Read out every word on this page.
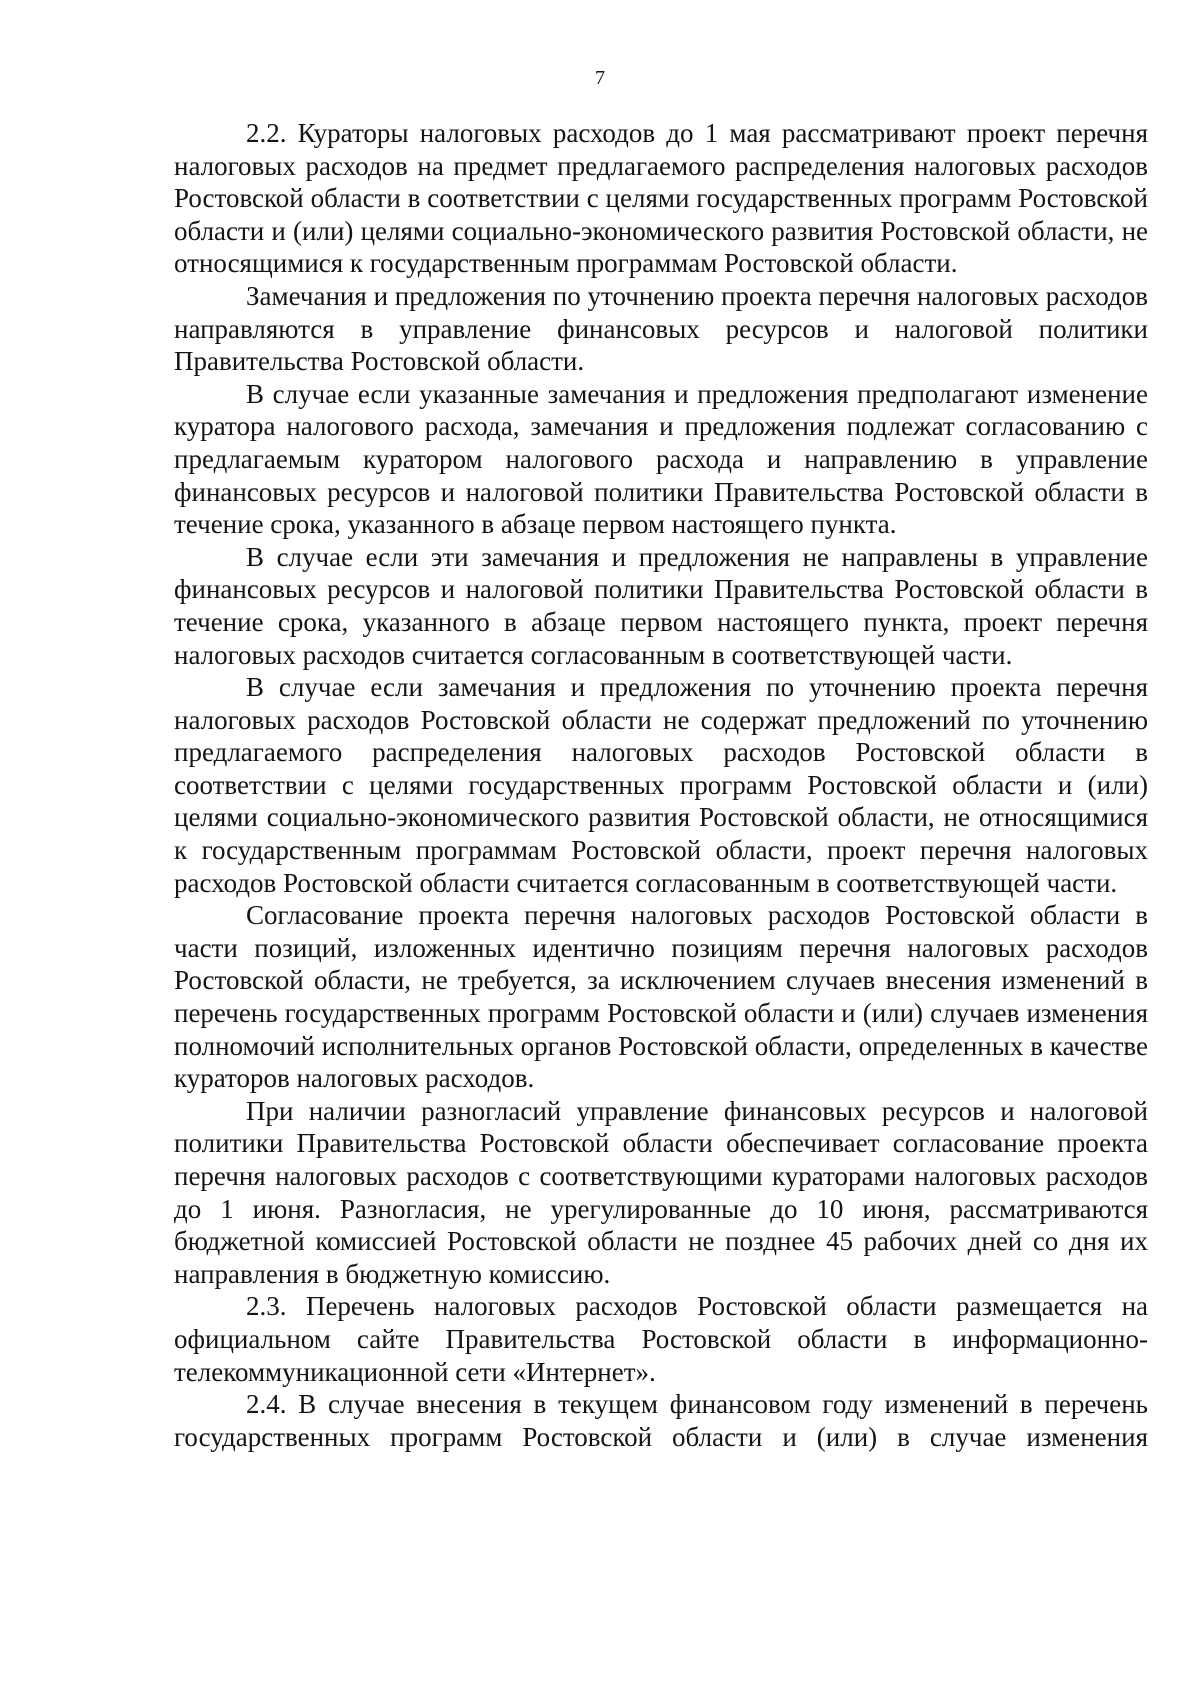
7

2.2. Кураторы налоговых расходов до 1 мая рассматривают проект перечня налоговых расходов на предмет предлагаемого распределения налоговых расходов Ростовской области в соответствии с целями государственных программ Ростовской области и (или) целями социально-экономического развития Ростовской области, не относящимися к государственным программам Ростовской области.

Замечания и предложения по уточнению проекта перечня налоговых расходов направляются в управление финансовых ресурсов и налоговой политики Правительства Ростовской области.

В случае если указанные замечания и предложения предполагают изменение куратора налогового расхода, замечания и предложения подлежат согласованию с предлагаемым куратором налогового расхода и направлению в управление финансовых ресурсов и налоговой политики Правительства Ростовской области в течение срока, указанного в абзаце первом настоящего пункта.

В случае если эти замечания и предложения не направлены в управление финансовых ресурсов и налоговой политики Правительства Ростовской области в течение срока, указанного в абзаце первом настоящего пункта, проект перечня налоговых расходов считается согласованным в соответствующей части.

В случае если замечания и предложения по уточнению проекта перечня налоговых расходов Ростовской области не содержат предложений по уточнению предлагаемого распределения налоговых расходов Ростовской области в соответствии с целями государственных программ Ростовской области и (или) целями социально-экономического развития Ростовской области, не относящимися к государственным программам Ростовской области, проект перечня налоговых расходов Ростовской области считается согласованным в соответствующей части.

Согласование проекта перечня налоговых расходов Ростовской области в части позиций, изложенных идентично позициям перечня налоговых расходов Ростовской области, не требуется, за исключением случаев внесения изменений в перечень государственных программ Ростовской области и (или) случаев изменения полномочий исполнительных органов Ростовской области, определенных в качестве кураторов налоговых расходов.

При наличии разногласий управление финансовых ресурсов и налоговой политики Правительства Ростовской области обеспечивает согласование проекта перечня налоговых расходов с соответствующими кураторами налоговых расходов до 1 июня. Разногласия, не урегулированные до 10 июня, рассматриваются бюджетной комиссией Ростовской области не позднее 45 рабочих дней со дня их направления в бюджетную комиссию.

2.3. Перечень налоговых расходов Ростовской области размещается на официальном сайте Правительства Ростовской области в информационно-телекоммуникационной сети «Интернет».

2.4. В случае внесения в текущем финансовом году изменений в перечень государственных программ Ростовской области и (или) в случае изменения
